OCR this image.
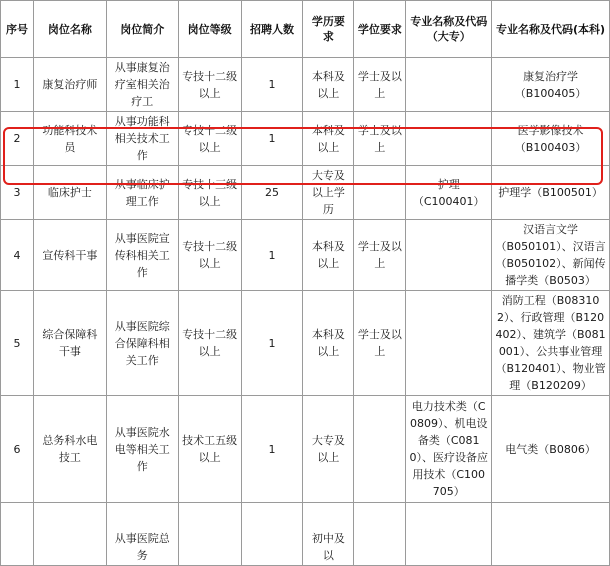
序号	岗位名称	岗位简介	岗位等级	招聘人数	学历要求	学位要求	专业名称及代码
（大专）	专业名称及代码(本科)
1	康复治疗师	从事康复治疗室相关治疗工	专技十二级以上	1	本科及以上	学士及以上		康复治疗学
（B100405）
2	功能科技术员	从事功能科相关技术工作	专技十二级以上	1	本科及以上	学士及以上		医学影像技术
（B100403）
3	临床护士	从事临床护理工作	专技十三级以上	25	大专及以上学历		护理
（C100401）	护理学（B100501）
4	宣传科干事	从事医院宣传科相关工作	专技十二级以上	1	本科及以上	学士及以上		汉语言文学
（B050101）、汉语言（B050102）、新闻传播学类（B0503）
5	综合保障科干事	从事医院综合保障科相关工作	专技十二级以上	1	本科及以上	学士及以上		消防工程（B083102）、行政管理（B120402）、建筑学（B081001）、公共事业管理（B120401）、物业管理（B120209）
6	总务科水电技工	从事医院水电等相关工作	技术工五级以上	1	大专及以上		电力技术类（C0809）、机电设备类（C0810）、医疗设备应用技术（C100705）	电气类（B0806）
		从事医院总务			初中及以			
